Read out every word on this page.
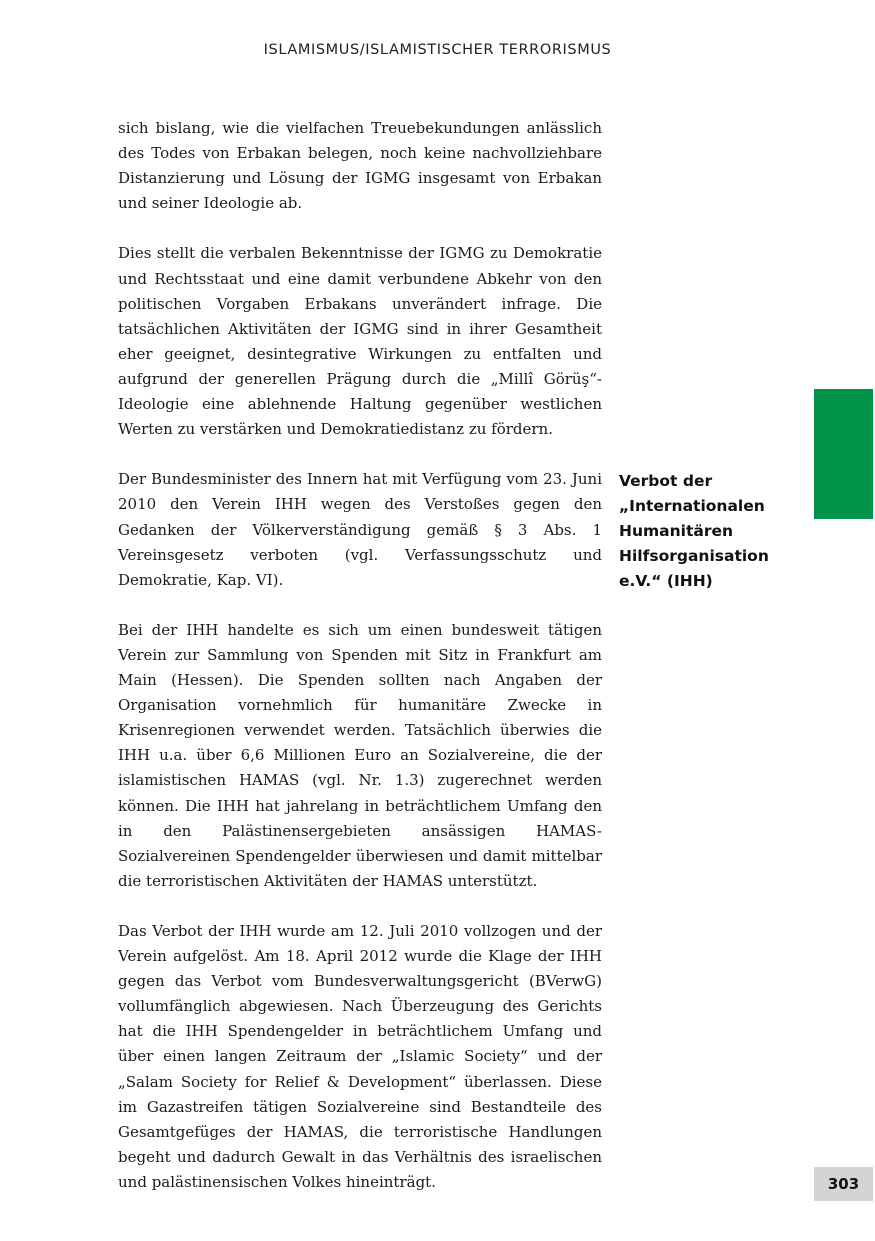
ISLAMISMUS/ISLAMISTISCHER TERRORISMUS

sich bislang, wie die vielfachen Treuebekundungen anlässlich des Todes von Erbakan belegen, noch keine nachvollziehbare Distanzierung und Lösung der IGMG insgesamt von Erbakan und seiner Ideologie ab.

Dies stellt die verbalen Bekenntnisse der IGMG zu Demokratie und Rechtsstaat und eine damit verbundene Abkehr von den politischen Vorgaben Erbakans unverändert infrage. Die tatsächlichen Aktivitäten der IGMG sind in ihrer Gesamtheit eher geeignet, desintegrative Wirkungen zu entfalten und aufgrund der generellen Prägung durch die „Millî Görüş“-Ideologie eine ablehnende Haltung gegenüber westlichen Werten zu verstärken und Demokratiedistanz zu fördern.

Der Bundesminister des Innern hat mit Verfügung vom 23. Juni 2010 den Verein IHH wegen des Verstoßes gegen den Gedanken der Völkerverständigung gemäß § 3 Abs. 1 Vereinsgesetz verboten (vgl. Verfassungsschutz und Demokratie, Kap. VI).

Bei der IHH handelte es sich um einen bundesweit tätigen Verein zur Sammlung von Spenden mit Sitz in Frankfurt am Main (Hessen). Die Spenden sollten nach Angaben der Organisation vornehmlich für humanitäre Zwecke in Krisenregionen verwendet werden. Tatsächlich überwies die IHH u.a. über 6,6 Millionen Euro an Sozialvereine, die der islamistischen HAMAS (vgl. Nr. 1.3) zugerechnet werden können. Die IHH hat jahrelang in beträchtlichem Umfang den in den Palästinensergebieten ansässigen HAMAS-Sozialvereinen Spendengelder überwiesen und damit mittelbar die terroristischen Aktivitäten der HAMAS unterstützt.

Das Verbot der IHH wurde am 12. Juli 2010 vollzogen und der Verein aufgelöst. Am 18. April 2012 wurde die Klage der IHH gegen das Verbot vom Bundesverwaltungsgericht (BVerwG) vollumfänglich abgewiesen. Nach Überzeugung des Gerichts hat die IHH Spendengelder in beträchtlichem Umfang und über einen langen Zeitraum der „Islamic Society“ und der „Salam Society for Relief & Development“ überlassen. Diese im Gazastreifen tätigen Sozialvereine sind Bestandteile des Gesamtgefüges der HAMAS, die terroristische Handlungen begeht und dadurch Gewalt in das Verhältnis des israelischen und palästinensischen Volkes hineinträgt.

Verbot der
„Internationalen
Humanitären
Hilfsorganisation
e.V.“ (IHH)
303
